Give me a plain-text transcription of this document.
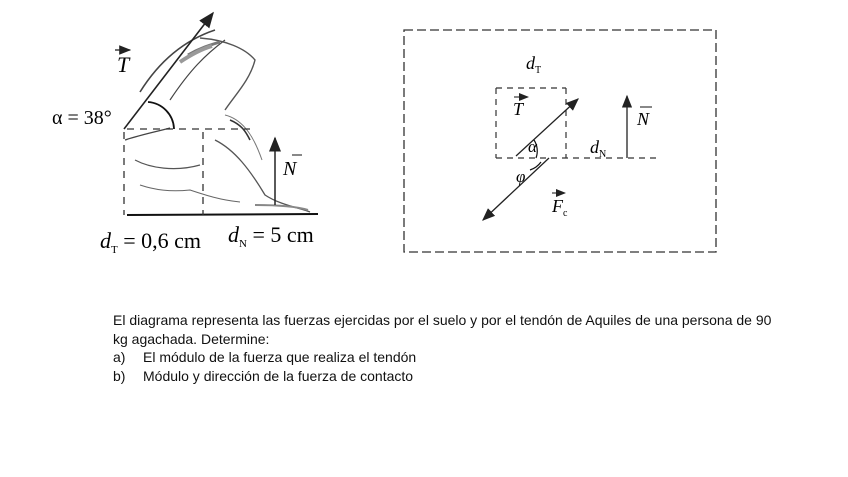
T
α = 38°
N
$d_T = 0,6$ cm $d_N = 5$ cm
$d_T$
T	N
α
φ
$d_N$
$F_c$
El diagrama representa las fuerzas ejercidas por el suelo y por el tendón de Aquiles de una persona de 90 kg agachada. Determine:
a)	El módulo de la fuerza que realiza el tendón
b)	Módulo y dirección de la fuerza de contacto
